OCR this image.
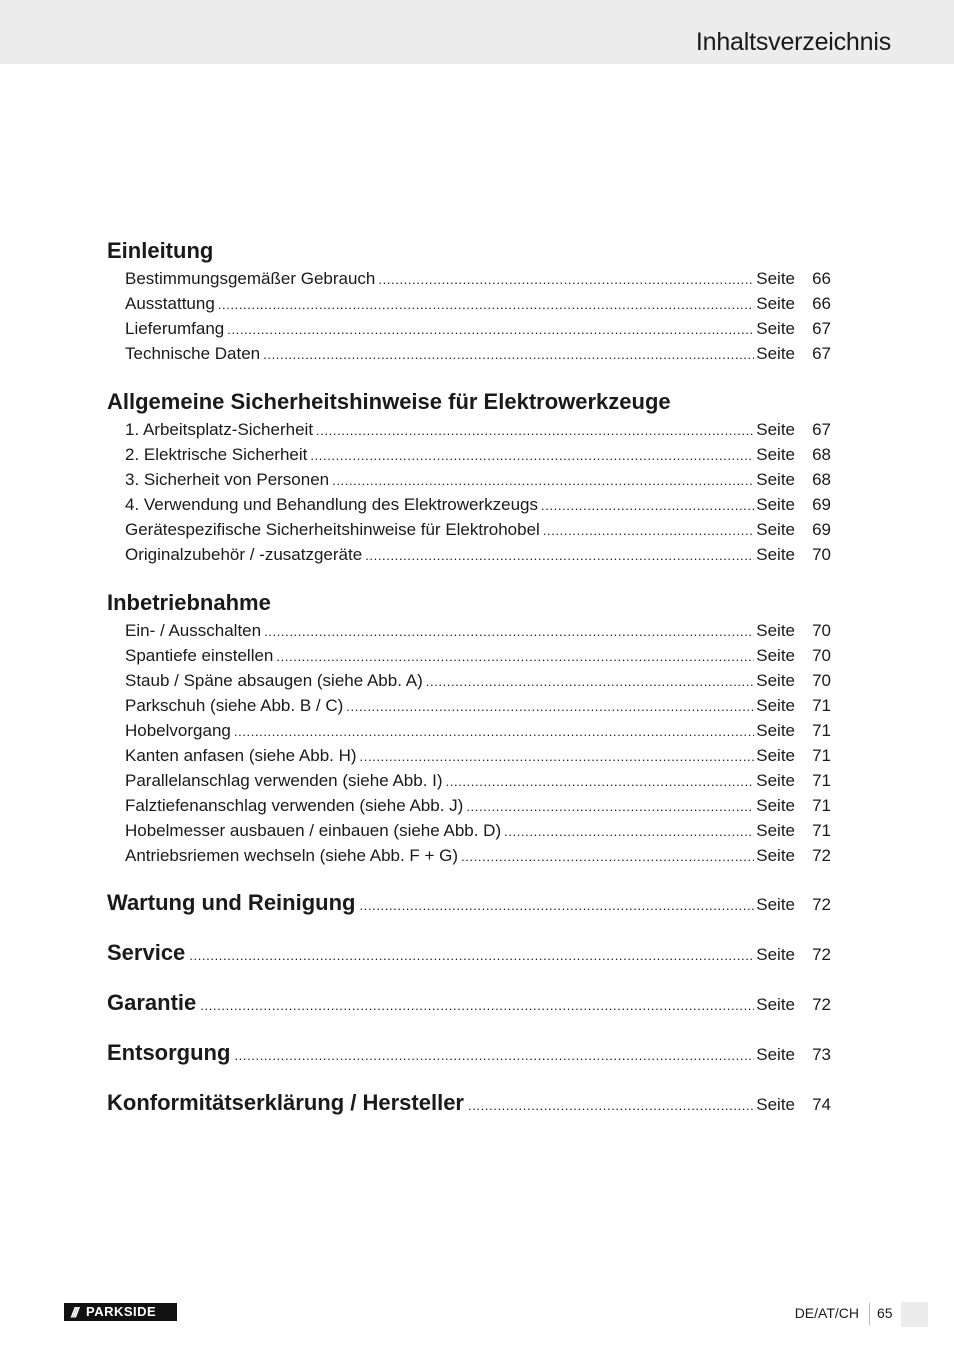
Inhaltsverzeichnis
Einleitung
Bestimmungsgemäßer Gebrauch .....	Seite	66
Ausstattung .....	Seite	66
Lieferumfang .....	Seite	67
Technische Daten .....	Seite	67
Allgemeine Sicherheitshinweise für Elektrowerkzeuge
1. Arbeitsplatz-Sicherheit .....	Seite	67
2. Elektrische Sicherheit .....	Seite	68
3. Sicherheit von Personen .....	Seite	68
4. Verwendung und Behandlung des Elektrowerkzeugs .....	Seite	69
Gerätespezifische Sicherheitshinweise für Elektrohobel .....	Seite	69
Originalzubehör / -zusatzgeräte .....	Seite	70
Inbetriebnahme
Ein- / Ausschalten .....	Seite	70
Spantiefe einstellen .....	Seite	70
Staub / Späne absaugen (siehe Abb. A) .....	Seite	70
Parkschuh (siehe Abb. B / C) .....	Seite	71
Hobelvorgang .....	Seite	71
Kanten anfasen (siehe Abb. H) .....	Seite	71
Parallelanschlag verwenden (siehe Abb. I) .....	Seite	71
Falztiefenanschlag verwenden (siehe Abb. J) .....	Seite	71
Hobelmesser ausbauen / einbauen (siehe Abb. D) .....	Seite	71
Antriebsriemen wechseln (siehe Abb. F + G) .....	Seite	72
Wartung und Reinigung .....	Seite	72
Service .....	Seite	72
Garantie .....	Seite	72
Entsorgung .....	Seite	73
Konformitätserklärung / Hersteller .....	Seite	74
/// PARKSIDE	DE/AT/CH 65
